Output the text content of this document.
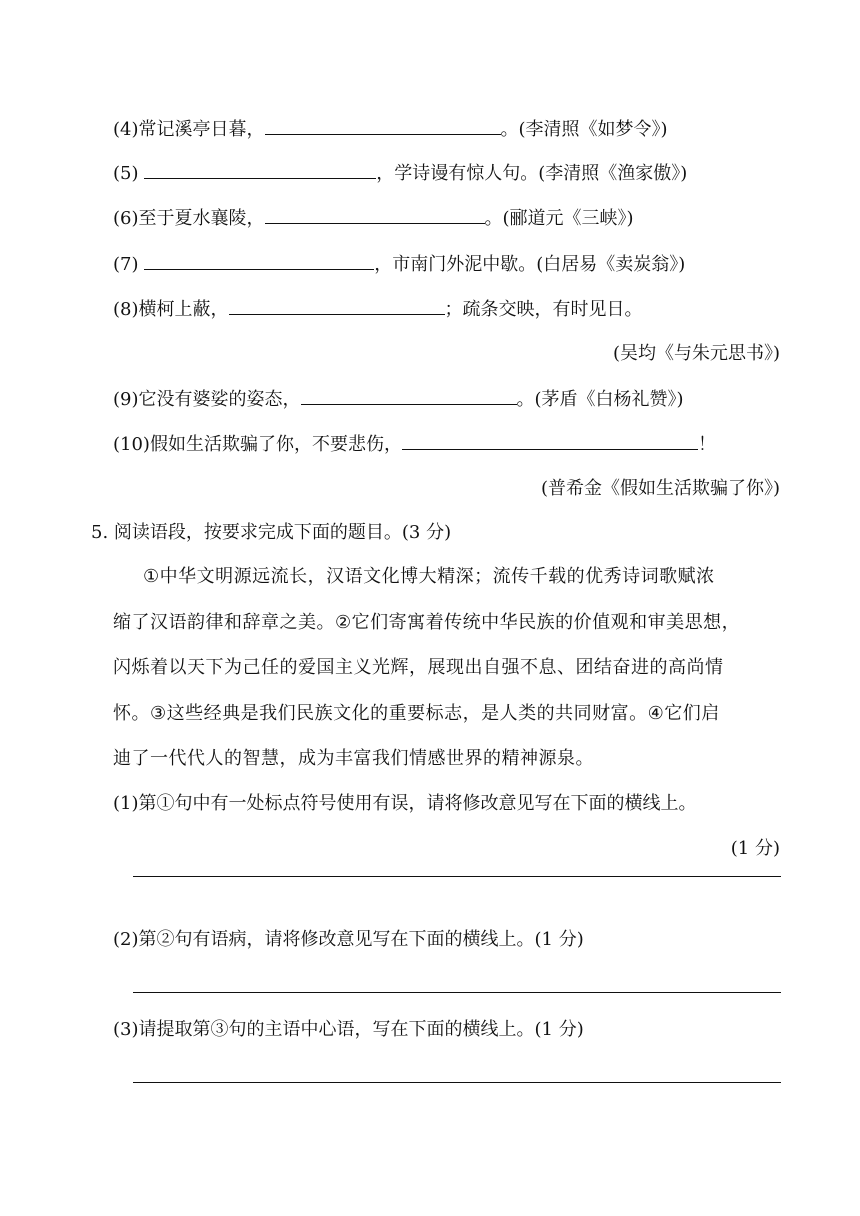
(4)常记溪亭日暮，	。(李清照《如梦令》)
(5)	，学诗谩有惊人句。(李清照《渔家傲》)
(6)至于夏水襄陵，	。(郦道元《三峡》)
(7)	，市南门外泥中歇。(白居易《卖炭翁》)
(8)横柯上蔽，	；疏条交映，有时见日。
(吴均《与朱元思书》)
(9)它没有婆娑的姿态，	。(茅盾《白杨礼赞》)
(10)假如生活欺骗了你，不要悲伤，	！
(普希金《假如生活欺骗了你》)
5. 阅读语段，按要求完成下面的题目。(3 分)
①中华文明源远流长，汉语文化博大精深；流传千载的优秀诗词歌赋浓
缩了汉语韵律和辞章之美。②它们寄寓着传统中华民族的价值观和审美思想，
闪烁着以天下为己任的爱国主义光辉，展现出自强不息、团结奋进的高尚情
怀。③这些经典是我们民族文化的重要标志，是人类的共同财富。④它们启
迪了一代代人的智慧，成为丰富我们情感世界的精神源泉。
(1)第①句中有一处标点符号使用有误，请将修改意见写在下面的横线上。
(1 分)
(2)第②句有语病，请将修改意见写在下面的横线上。(1 分)
(3)请提取第③句的主语中心语，写在下面的横线上。(1 分)
